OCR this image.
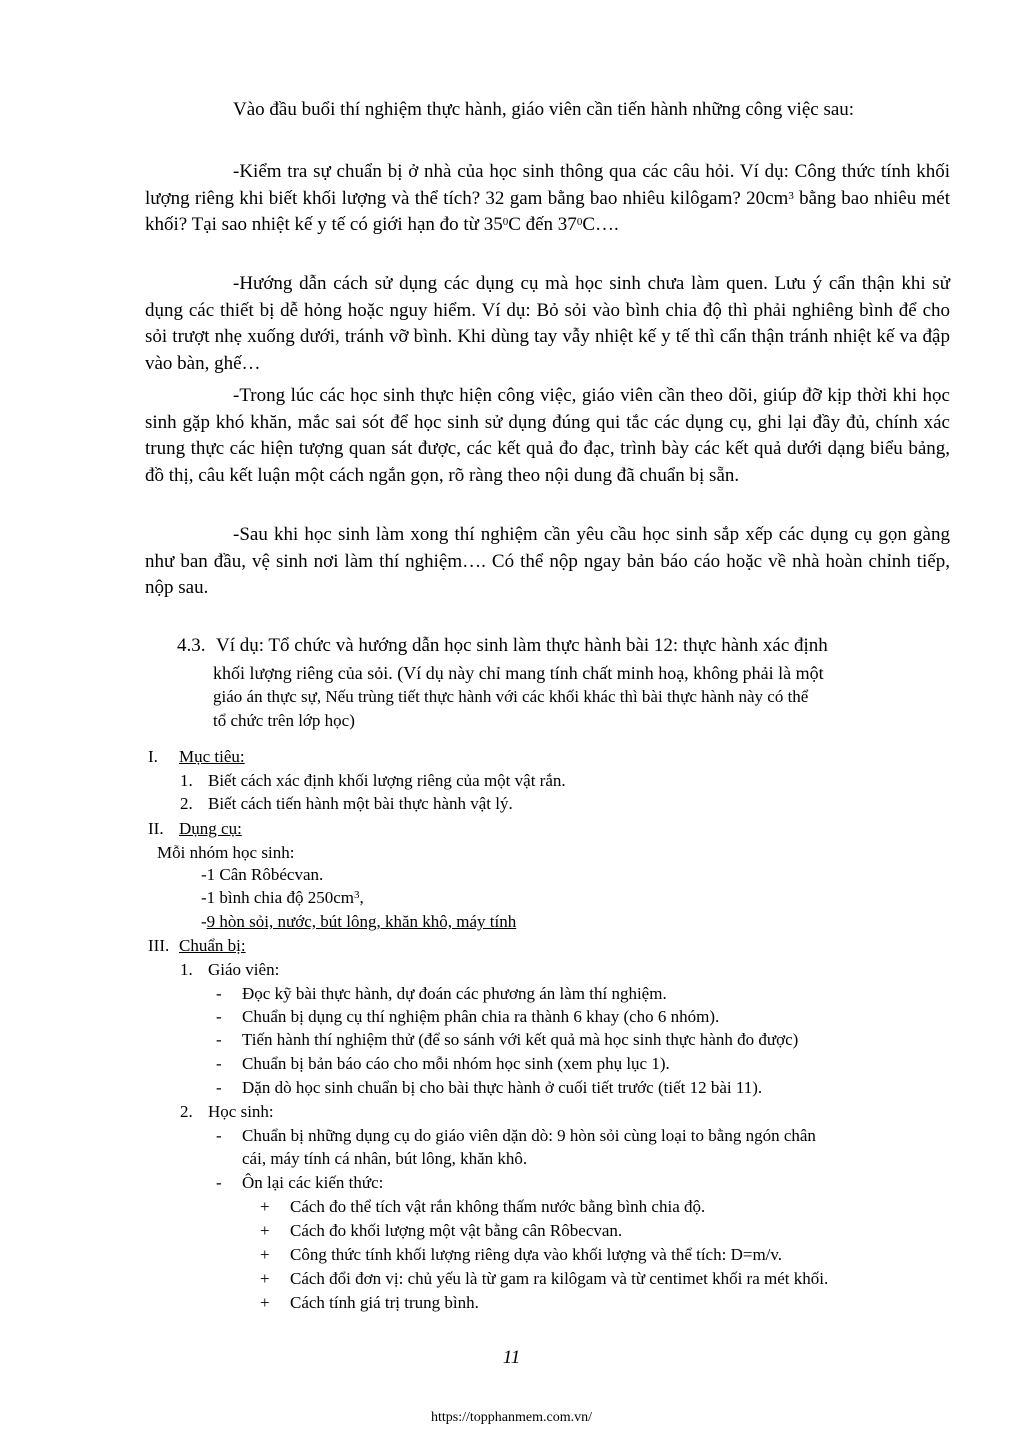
Vào đầu buổi thí nghiệm thực hành, giáo viên cần tiến hành những công việc sau:

-Kiểm tra sự chuẩn bị ở nhà của học sinh thông qua các câu hỏi. Ví dụ: Công thức tính khối lượng riêng khi biết khối lượng và thể tích? 32 gam bằng bao nhiêu kilôgam? $20cm^3$ bằng bao nhiêu mét khối? Tại sao nhiệt kế y tế có giới hạn đo từ $35^0C$ đến $37^0C\dots$.

-Hướng dẫn cách sử dụng các dụng cụ mà học sinh chưa làm quen. Lưu ý cẩn thận khi sử dụng các thiết bị dễ hỏng hoặc nguy hiểm. Ví dụ: Bỏ sỏi vào bình chia độ thì phải nghiêng bình để cho sỏi trượt nhẹ xuống dưới, tránh vỡ bình. Khi dùng tay vẫy nhiệt kế y tế thì cẩn thận tránh nhiệt kế va đập vào bàn, ghế…

-Trong lúc các học sinh thực hiện công việc, giáo viên cần theo dõi, giúp đỡ kịp thời khi học sinh gặp khó khăn, mắc sai sót để học sinh sử dụng đúng qui tắc các dụng cụ, ghi lại đầy đủ, chính xác trung thực các hiện tượng quan sát được, các kết quả đo đạc, trình bày các kết quả dưới dạng biểu bảng, đồ thị, câu kết luận một cách ngắn gọn, rõ ràng theo nội dung đã chuẩn bị sẵn.

-Sau khi học sinh làm xong thí nghiệm cần yêu cầu học sinh sắp xếp các dụng cụ gọn gàng như ban đầu, vệ sinh nơi làm thí nghiệm…. Có thể nộp ngay bản báo cáo hoặc về nhà hoàn chỉnh tiếp, nộp sau.

4.3. Ví dụ: Tổ chức và hướng dẫn học sinh làm thực hành bài 12: thực hành xác định
khối lượng riêng của sỏi. (Ví dụ này chỉ mang tính chất minh hoạ, không phải là một
giáo án thực sự, Nếu trùng tiết thực hành với các khối khác thì bài thực hành này có thể
tổ chức trên lớp học)
I. Mục tiêu:
1. Biết cách xác định khối lượng riêng của một vật rắn.
2. Biết cách tiến hành một bài thực hành vật lý.
II. Dụng cụ:
Mỗi nhóm học sinh:
-1 Cân Rôbécvan.
-1 bình chia độ $250cm^3$,
-9 hòn sỏi, nước, bút lông, khăn khô, máy tính
III. Chuẩn bị:
1. Giáo viên:
- Đọc kỹ bài thực hành, dự đoán các phương án làm thí nghiệm.
- Chuẩn bị dụng cụ thí nghiệm phân chia ra thành 6 khay (cho 6 nhóm).
- Tiến hành thí nghiệm thử (để so sánh với kết quả mà học sinh thực hành đo được)
- Chuẩn bị bản báo cáo cho mỗi nhóm học sinh (xem phụ lục 1).
- Dặn dò học sinh chuẩn bị cho bài thực hành ở cuối tiết trước (tiết 12 bài 11).
2. Học sinh:
- Chuẩn bị những dụng cụ do giáo viên dặn dò: 9 hòn sỏi cùng loại to bằng ngón chân
cái, máy tính cá nhân, bút lông, khăn khô.
- Ôn lại các kiến thức:
+ Cách đo thể tích vật rắn không thấm nước bằng bình chia độ.
+ Cách đo khối lượng một vật bằng cân Rôbecvan.
+ Công thức tính khối lượng riêng dựa vào khối lượng và thể tích: D=m/v.
+ Cách đổi đơn vị: chủ yếu là từ gam ra kilôgam và từ centimet khối ra mét khối.
+ Cách tính giá trị trung bình.
11
https://topphanmem.com.vn/
